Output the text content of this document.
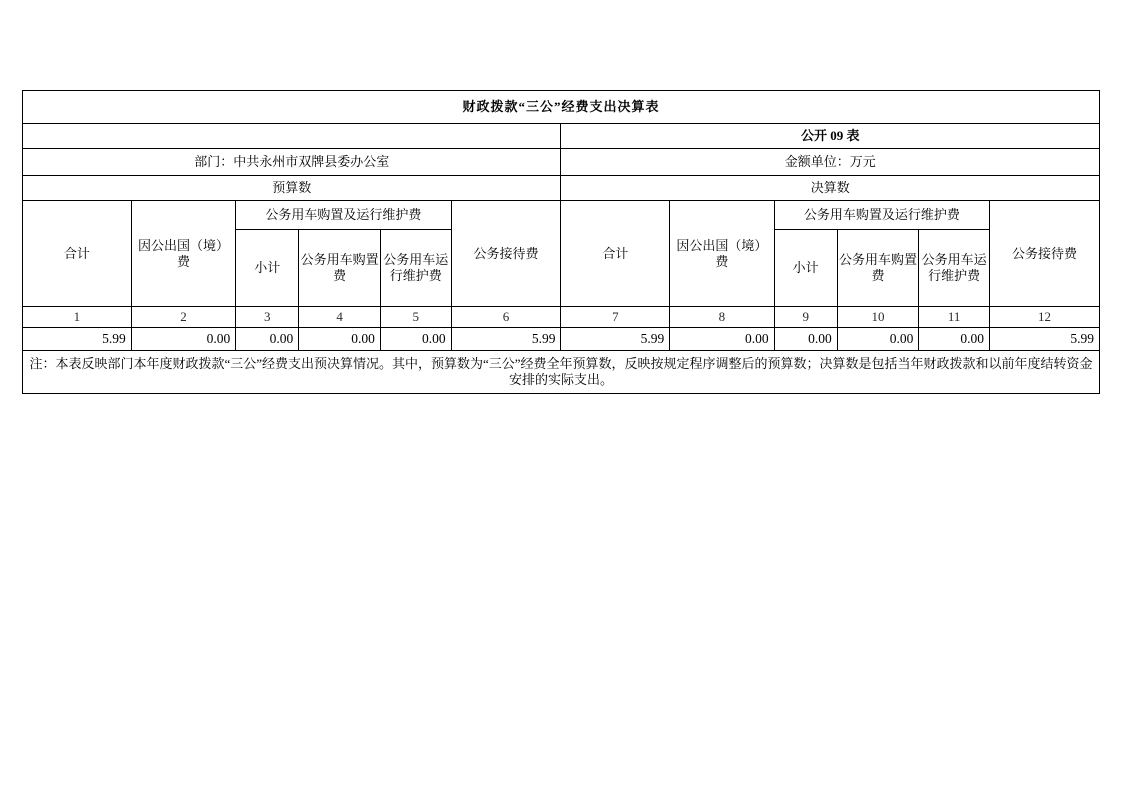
财政拨款“三公”经费支出决算表											
						公开 09 表					
部门：中共永州市双牌县委办公室						金额单位：万元					
预算数						决算数					
合计	因公出国（境）费	公务用车购置及运行维护费			公务接待费	合计	因公出国（境）费	公务用车购置及运行维护费			公务接待费
		小计	公务用车购置费	公务用车运行维护费				小计	公务用车购置费	公务用车运行维护费	
1	2	3	4	5	6	7	8	9	10	11	12
5.99	0.00	0.00	0.00	0.00	5.99	5.99	0.00	0.00	0.00	0.00	5.99
注：本表反映部门本年度财政拨款“三公”经费支出预决算情况。其中，预算数为“三公”经费全年预算数，反映按规定程序调整后的预算数；决算数是包括当年财政拨款和以前年度结转资金安排的实际支出。											
